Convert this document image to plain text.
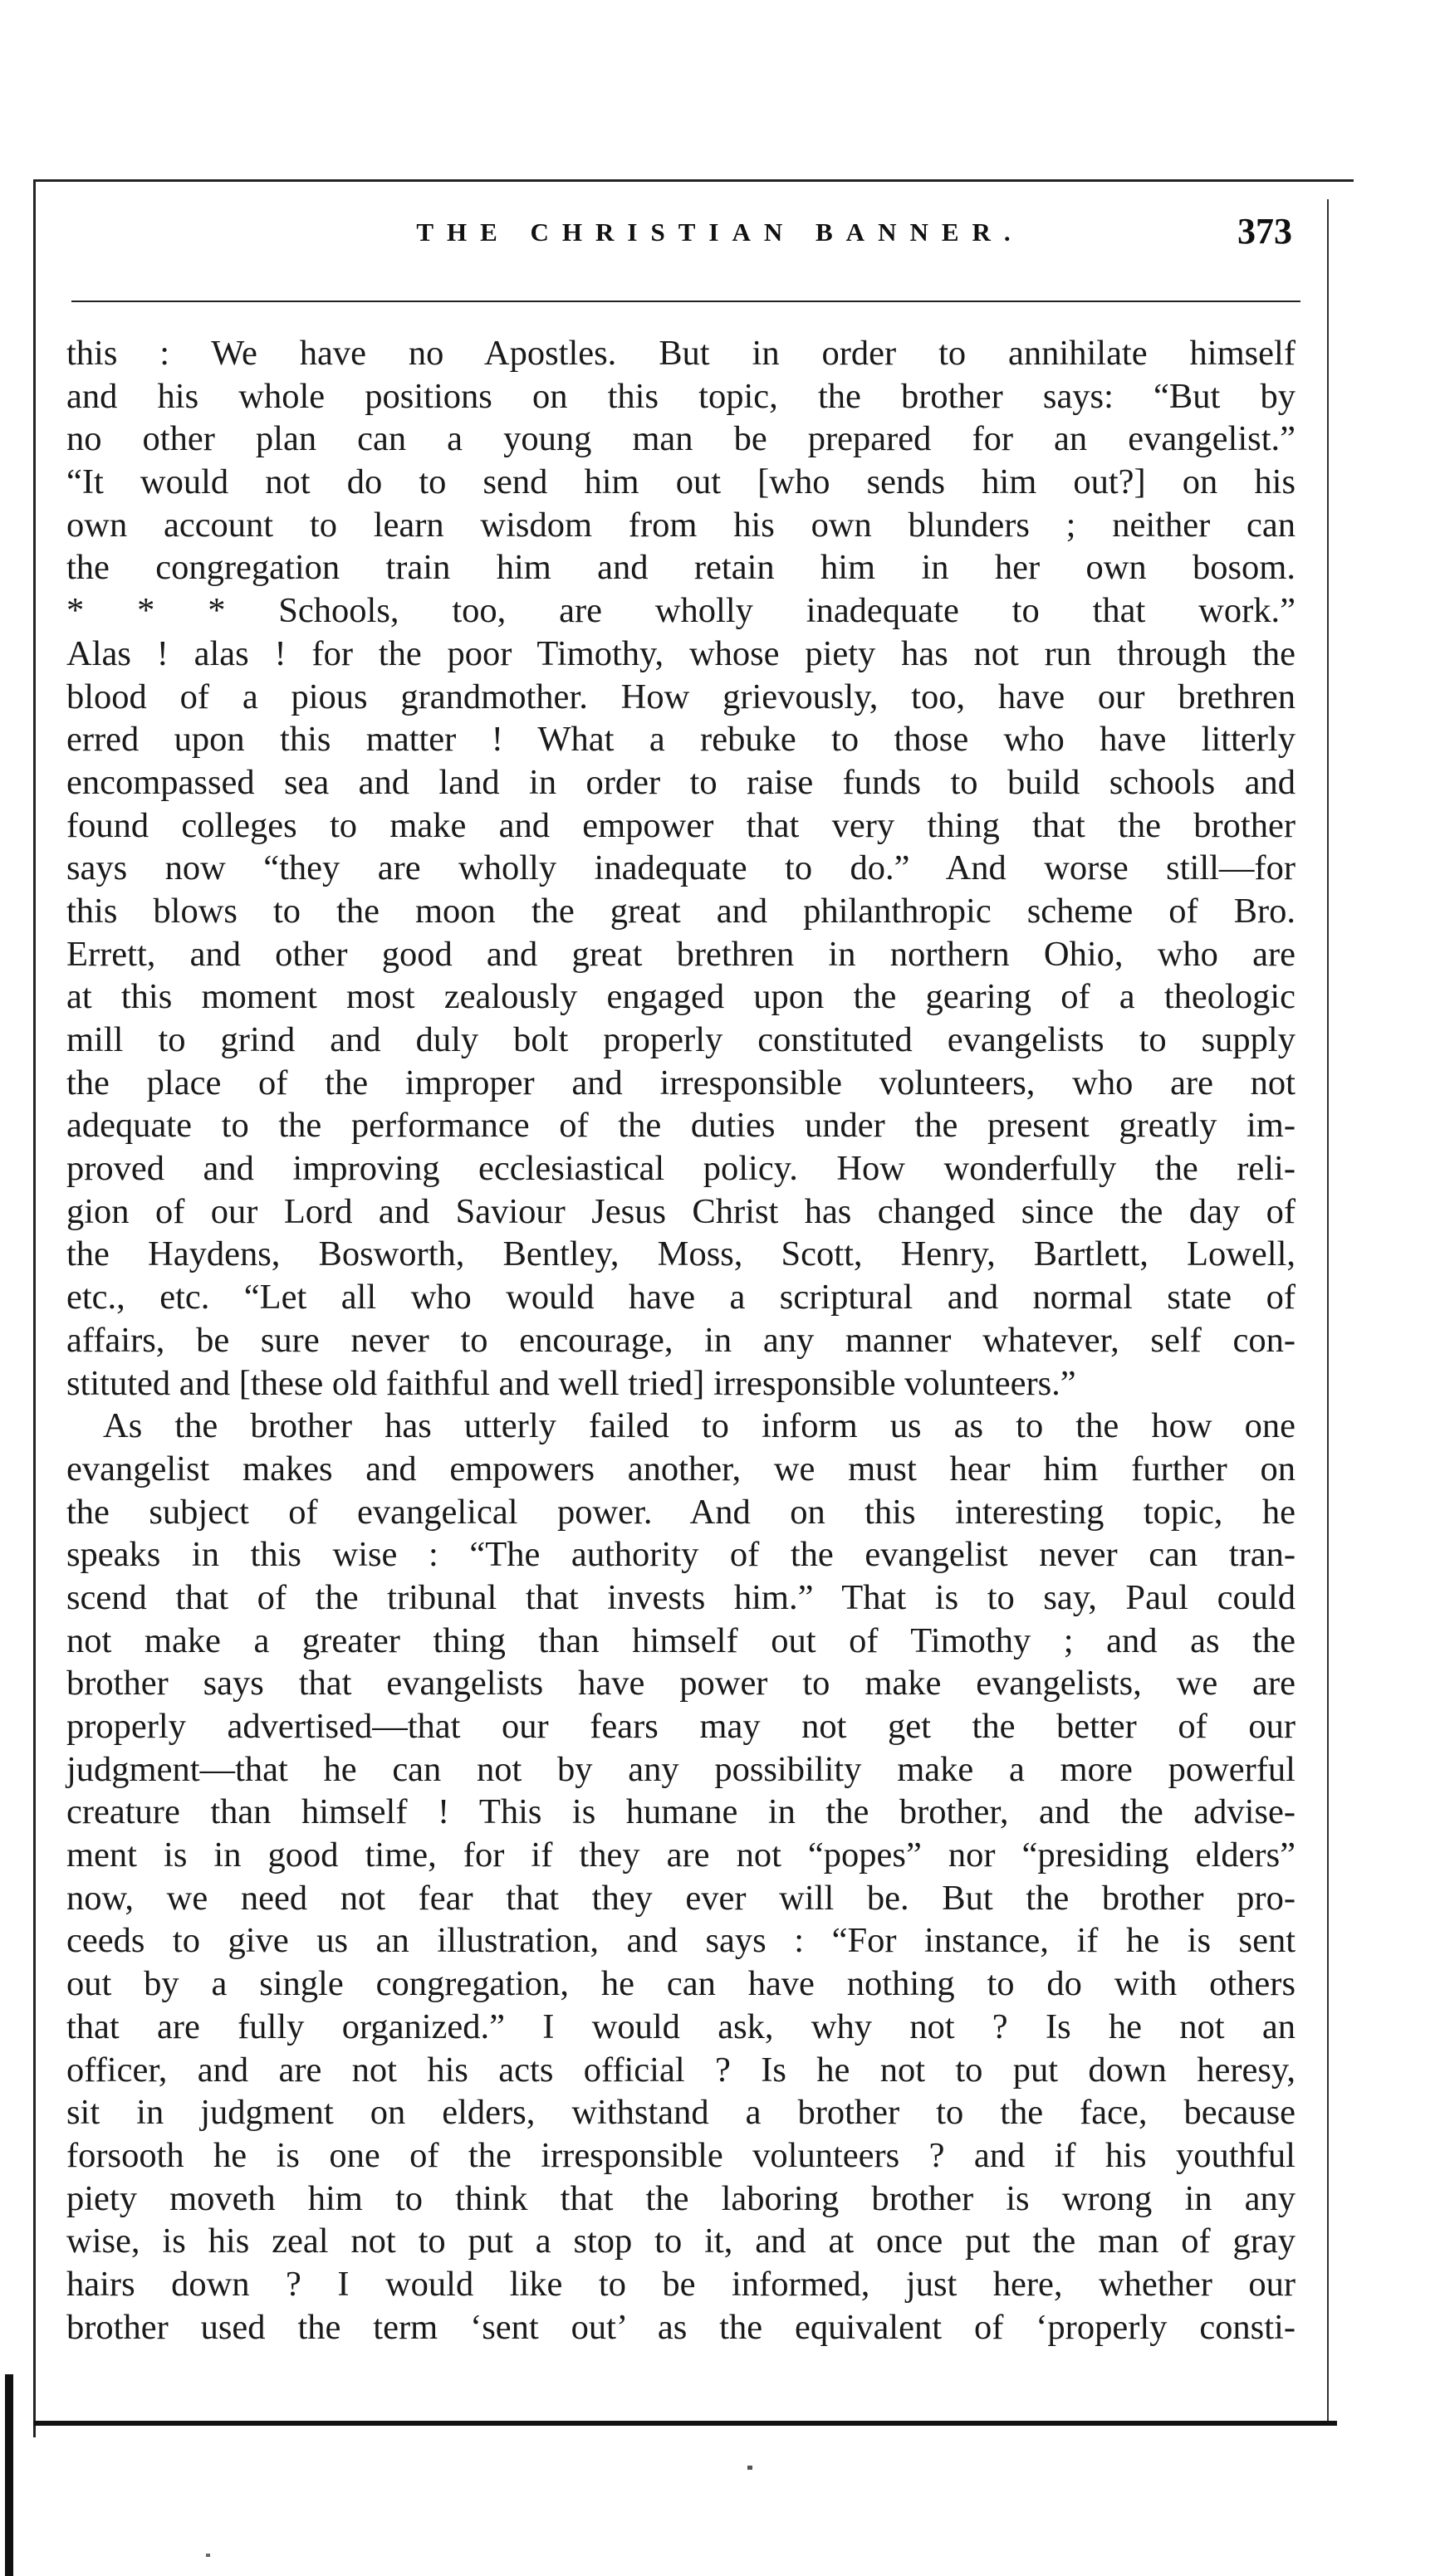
THE CHRISTIAN BANNER.	373
this : We have no Apostles. But in order to annihilate himself
and his whole positions on this topic, the brother says: “But by
no other plan can a young man be prepared for an evangelist.”
“It would not do to send him out [who sends him out?] on his
own account to learn wisdom from his own blunders ; neither can
the congregation train him and retain him in her own bosom.
* * * Schools, too, are wholly inadequate to that work.”
Alas ! alas ! for the poor Timothy, whose piety has not run through the
blood of a pious grandmother. How grievously, too, have our brethren
erred upon this matter ! What a rebuke to those who have litterly
encompassed sea and land in order to raise funds to build schools and
found colleges to make and empower that very thing that the brother
says now “they are wholly inadequate to do.” And worse still—for
this blows to the moon the great and philanthropic scheme of Bro.
Errett, and other good and great brethren in northern Ohio, who are
at this moment most zealously engaged upon the gearing of a theologic
mill to grind and duly bolt properly constituted evangelists to supply
the place of the improper and irresponsible volunteers, who are not
adequate to the performance of the duties under the present greatly im-
proved and improving ecclesiastical policy. How wonderfully the reli-
gion of our Lord and Saviour Jesus Christ has changed since the day of
the Haydens, Bosworth, Bentley, Moss, Scott, Henry, Bartlett, Lowell,
etc., etc. “Let all who would have a scriptural and normal state of
affairs, be sure never to encourage, in any manner whatever, self con-
stituted and [these old faithful and well tried] irresponsible volunteers.”
As the brother has utterly failed to inform us as to the how one
evangelist makes and empowers another, we must hear him further on
the subject of evangelical power. And on this interesting topic, he
speaks in this wise : “The authority of the evangelist never can tran-
scend that of the tribunal that invests him.” That is to say, Paul could
not make a greater thing than himself out of Timothy ; and as the
brother says that evangelists have power to make evangelists, we are
properly advertised—that our fears may not get the better of our
judgment—that he can not by any possibility make a more powerful
creature than himself ! This is humane in the brother, and the advise-
ment is in good time, for if they are not “popes” nor “presiding elders”
now, we need not fear that they ever will be. But the brother pro-
ceeds to give us an illustration, and says : “For instance, if he is sent
out by a single congregation, he can have nothing to do with others
that are fully organized.” I would ask, why not ? Is he not an
officer, and are not his acts official ? Is he not to put down heresy,
sit in judgment on elders, withstand a brother to the face, because
forsooth he is one of the irresponsible volunteers ? and if his youthful
piety moveth him to think that the laboring brother is wrong in any
wise, is his zeal not to put a stop to it, and at once put the man of gray
hairs down ? I would like to be informed, just here, whether our
brother used the term ‘sent out’ as the equivalent of ‘properly consti-
